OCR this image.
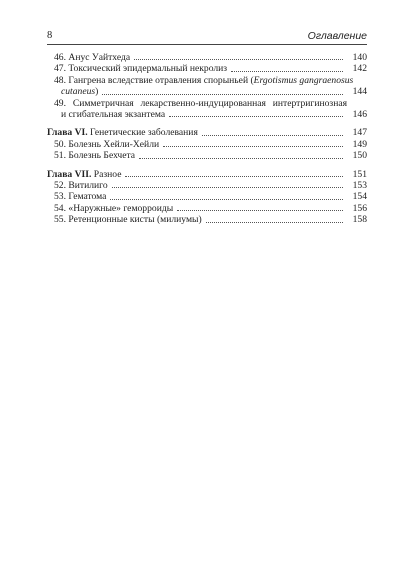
8	Оглавление
46. Анус Уайтхеда	140
47. Токсический эпидермальный некролиз	142
48. Гангрена вследствие отравления спорыньей (Ergotismus gangraenosus
cutaneus)	144
49. Симметричная лекарственно-индуцированная интертригинозная
и сгибательная экзантема	146
Глава VI. Генетические заболевания	147
50. Болезнь Хейли-Хейли	149
51. Болезнь Бехчета	150
Глава VII. Разное	151
52. Витилиго	153
53. Гематома	154
54. «Наружные» геморроиды	156
55. Ретенционные кисты (милиумы)	158
